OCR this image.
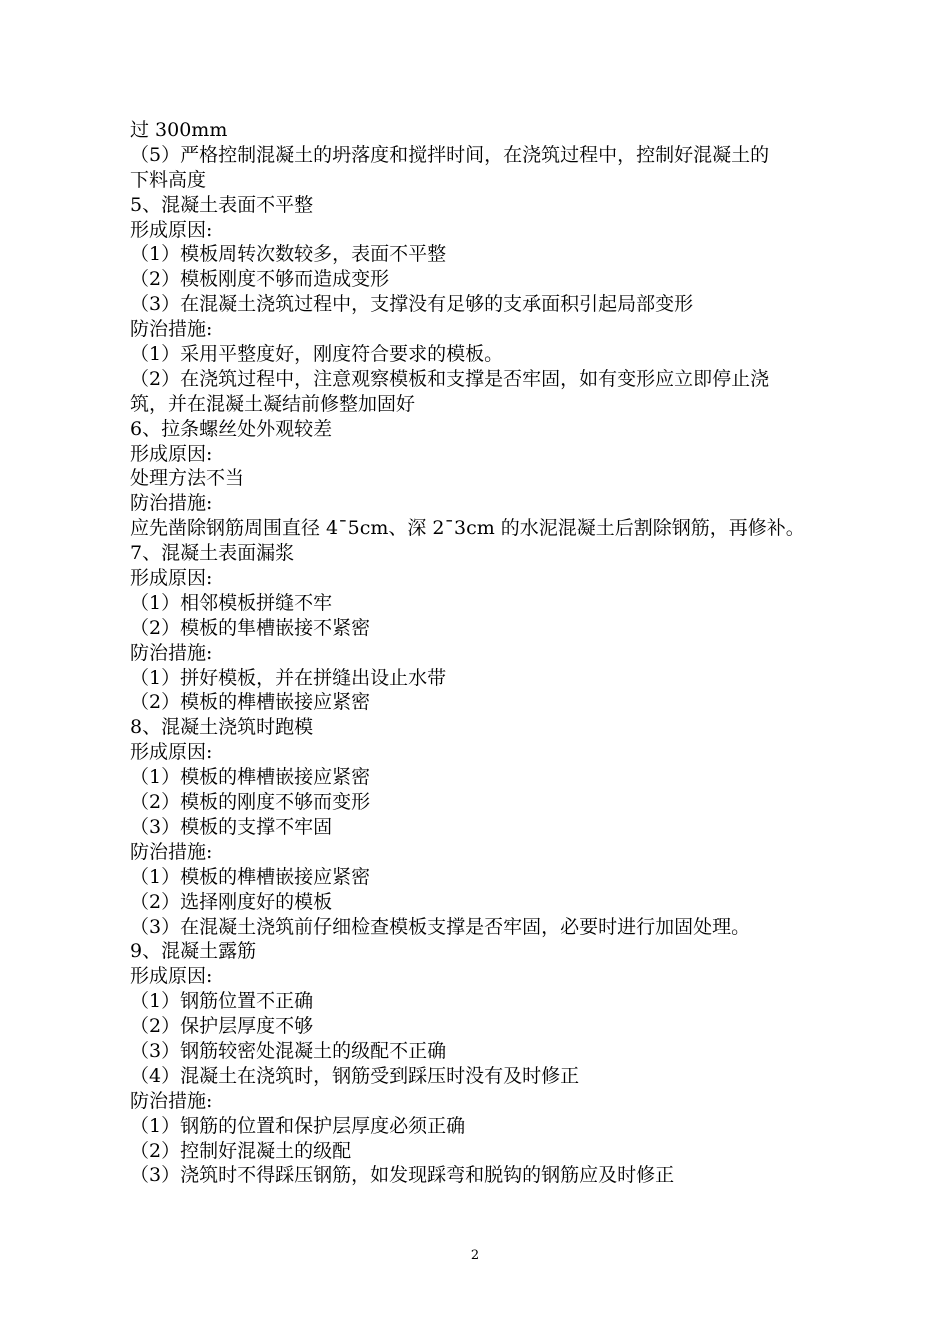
过 300mm
（5）严格控制混凝土的坍落度和搅拌时间，在浇筑过程中，控制好混凝土的
下料高度
5、混凝土表面不平整
形成原因:
（1）模板周转次数较多，表面不平整
（2）模板刚度不够而造成变形
（3）在混凝土浇筑过程中，支撑没有足够的支承面积引起局部变形
防治措施:
（1）采用平整度好，刚度符合要求的模板。
（2）在浇筑过程中，注意观察模板和支撑是否牢固，如有变形应立即停止浇
筑，并在混凝土凝结前修整加固好
6、拉条螺丝处外观较差
形成原因:
处理方法不当
防治措施:
应先凿除钢筋周围直径 4¯5cm、深 2¯3cm 的水泥混凝土后割除钢筋，再修补。
7、混凝土表面漏浆
形成原因:
（1）相邻模板拼缝不牢
（2）模板的隼槽嵌接不紧密
防治措施:
（1）拼好模板，并在拼缝出设止水带
（2）模板的榫槽嵌接应紧密
8、混凝土浇筑时跑模
形成原因:
（1）模板的榫槽嵌接应紧密
（2）模板的刚度不够而变形
（3）模板的支撑不牢固
防治措施:
（1）模板的榫槽嵌接应紧密
（2）选择刚度好的模板
（3）在混凝土浇筑前仔细检查模板支撑是否牢固，必要时进行加固处理。
9、混凝土露筋
形成原因:
（1）钢筋位置不正确
（2）保护层厚度不够
（3）钢筋较密处混凝土的级配不正确
（4）混凝土在浇筑时，钢筋受到踩压时没有及时修正
防治措施:
（1）钢筋的位置和保护层厚度必须正确
（2）控制好混凝土的级配
（3）浇筑时不得踩压钢筋，如发现踩弯和脱钩的钢筋应及时修正
2
